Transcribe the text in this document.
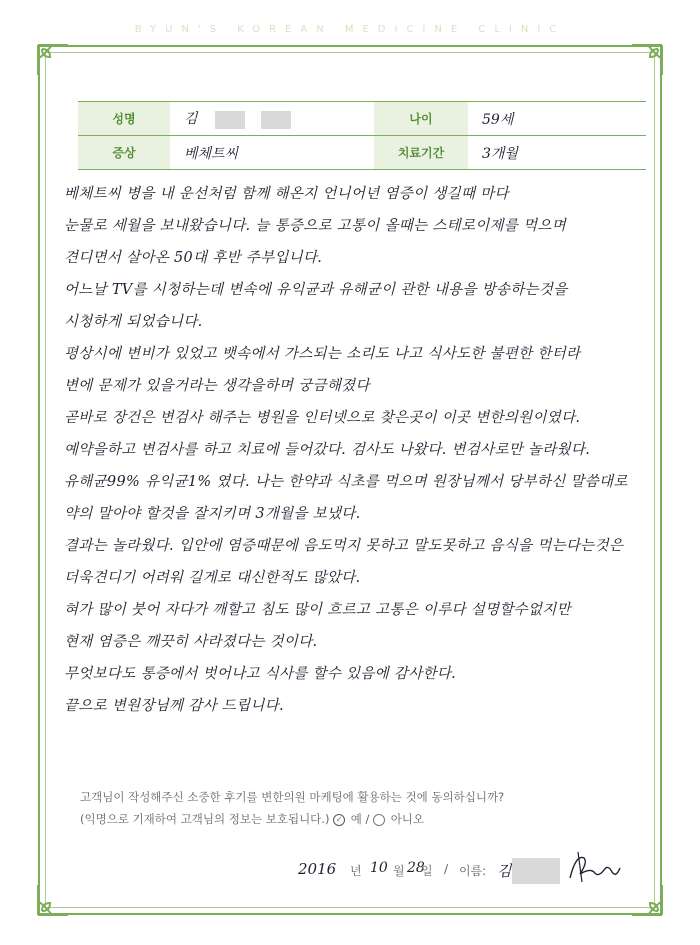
BYUN'S KOREAN MEDICINE CLINIC
성명	김	나이	59세
증상	베체트씨	치료기간	3개월
베체트씨 병을 내 운선처럼 함께 해온지 언니어년 염증이 생길때 마다
눈물로 세월을 보내왔습니다. 늘 통증으로 고통이 올때는 스테로이제를 먹으며
견디면서 살아온 50대 후반 주부입니다.
어느날 TV를 시청하는데 변속에 유익균과 유해균이 관한 내용을 방송하는것을
시청하게 되었습니다.
평상시에 변비가 있었고 뱃속에서 가스되는 소리도 나고 식사도한 불편한 한터라
변에 문제가 있을거라는 생각을하며 궁금해졌다
곧바로 장건은 변검사 해주는 병원을 인터넷으로 찾은곳이 이곳 변한의원이였다.
예약을하고 변검사를 하고 치료에 들어갔다. 검사도 나왔다. 변검사로만 놀라웠다.
유해균99% 유익균1% 였다. 나는 한약과 식초를 먹으며 원장님께서 당부하신 말씀대로
약의 말아야 할것을 잘지키며 3개월을 보냈다.
결과는 놀라웠다. 입안에 염증때문에 음도먹지 못하고 말도못하고 음식을 먹는다는것은
더욱견디기 어려워 길게로 대신한적도 많았다.
혀가 많이 붓어 자다가 깨할고 침도 많이 흐르고 고통은 이루다 설명할수없지만
현재 염증은 깨끗히 사라졌다는 것이다.
무엇보다도 통증에서 벗어나고 식사를 할수 있음에 감사한다.
끝으로 변원장님께 감사 드립니다.
고객님이 작성해주신 소중한 후기를 변한의원 마케팅에 활용하는 것에 동의하십니까?
(익명으로 기재하여 고객님의 정보는 보호됩니다.) ✓ 예 / 아니오
2016 년 10 월 28
일 / 이름: 김
